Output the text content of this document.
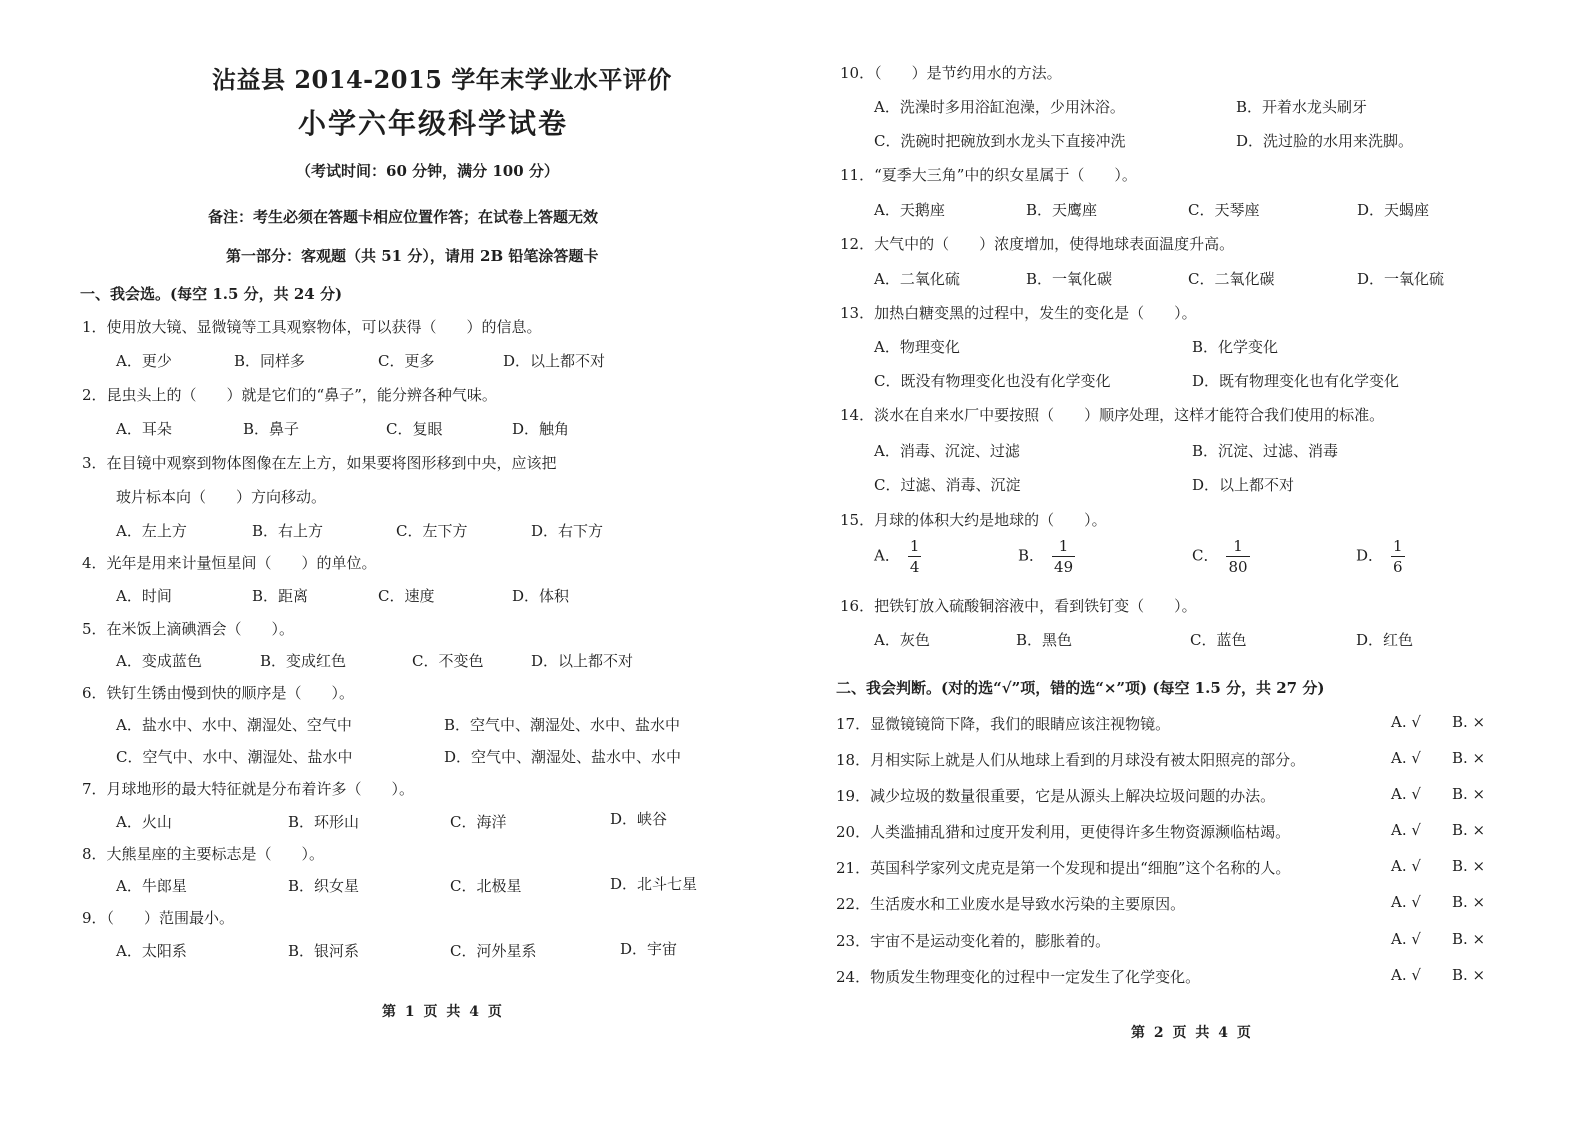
沾益县 2014-2015 学年末学业水平评价
小学六年级科学试卷
（考试时间：60 分钟，满分 100 分）
备注：考生必须在答题卡相应位置作答；在试卷上答题无效
第一部分：客观题（共 51 分），请用 2B 铅笔涂答题卡
一、我会选。(每空 1.5 分，共 24 分)
1．使用放大镜、显微镜等工具观察物体，可以获得（　　）的信息。
A．更少	B．同样多	C．更多	D．以上都不对
2．昆虫头上的（　　）就是它们的“鼻子”，能分辨各种气味。
A．耳朵	B．鼻子	C．复眼	D．触角
3．在目镜中观察到物体图像在左上方，如果要将图形移到中央，应该把
玻片标本向（　　）方向移动。
A．左上方	B．右上方	C．左下方	D．右下方
4．光年是用来计量恒星间（　　）的单位。
A．时间	B．距离	C．速度	D．体积
5．在米饭上滴碘酒会（　　）。
A．变成蓝色	B．变成红色	C．不变色	D．以上都不对
6．铁钉生锈由慢到快的顺序是（　　）。
A．盐水中、水中、潮湿处、空气中	B．空气中、潮湿处、水中、盐水中
C．空气中、水中、潮湿处、盐水中	D．空气中、潮湿处、盐水中、水中
7．月球地形的最大特征就是分布着许多（　　）。
A．火山	B．环形山	C．海洋	D．峡谷
8．大熊星座的主要标志是（　　）。
A．牛郎星	B．织女星	C．北极星	D．北斗七星
9．（　　）范围最小。
A．太阳系	B．银河系	C．河外星系	D．宇宙
第 1 页 共 4 页
10．（　　）是节约用水的方法。
A．洗澡时多用浴缸泡澡，少用沐浴。	B．开着水龙头刷牙
C．洗碗时把碗放到水龙头下直接冲洗	D．洗过脸的水用来洗脚。
11．“夏季大三角”中的织女星属于（　　）。
A．天鹅座	B．天鹰座	C．天琴座	D．天蝎座
12．大气中的（　　）浓度增加，使得地球表面温度升高。
A．二氧化硫	B．一氧化碳	C．二氧化碳	D．一氧化硫
13．加热白糖变黑的过程中，发生的变化是（　　）。
A．物理变化	B．化学变化
C．既没有物理变化也没有化学变化	D．既有物理变化也有化学变化
14．淡水在自来水厂中要按照（　　）顺序处理，这样才能符合我们使用的标准。
A．消毒、沉淀、过滤	B．沉淀、过滤、消毒
C．过滤、消毒、沉淀	D．以上都不对
15．月球的体积大约是地球的（　　）。
A． $\frac{1}{4}$	B． $\frac{1}{49}$	C． $\frac{1}{80}$	D． $\frac{1}{6}$
16．把铁钉放入硫酸铜溶液中，看到铁钉变（　　）。
A．灰色	B．黑色	C．蓝色	D．红色
二、我会判断。(对的选“√”项，错的选“×”项) (每空 1.5 分，共 27 分)
17．显微镜镜筒下降，我们的眼睛应该注视物镜。	A. √ B. ×
18．月相实际上就是人们从地球上看到的月球没有被太阳照亮的部分。	A. √ B. ×
19．减少垃圾的数量很重要，它是从源头上解决垃圾问题的办法。	A. √ B. ×
20．人类滥捕乱猎和过度开发利用，更使得许多生物资源濒临枯竭。	A. √ B. ×
21．英国科学家列文虎克是第一个发现和提出“细胞”这个名称的人。	A. √ B. ×
22．生活废水和工业废水是导致水污染的主要原因。	A. √ B. ×
23．宇宙不是运动变化着的，膨胀着的。	A. √ B. ×
24．物质发生物理变化的过程中一定发生了化学变化。	A. √ B. ×
第 2 页 共 4 页
